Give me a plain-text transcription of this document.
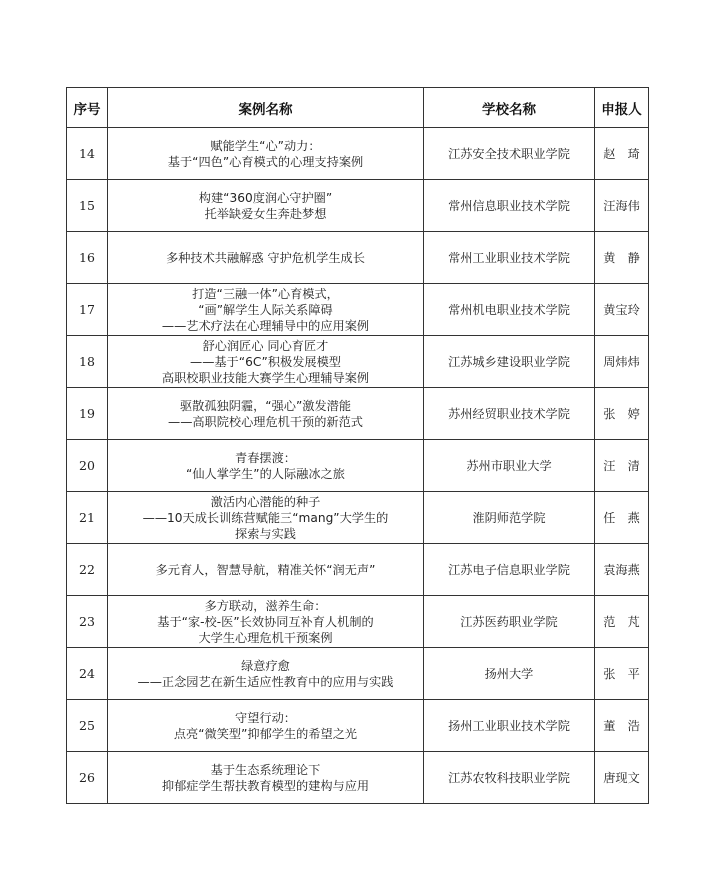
序号	案例名称	学校名称	申报人
14	赋能学生“心”动力：
基于“四色”心育模式的心理支持案例	江苏安全技术职业学院	赵　琦
15	构建“360度润心守护圈”
托举缺爱女生奔赴梦想	常州信息职业技术学院	汪海伟
16	多种技术共融解惑 守护危机学生成长	常州工业职业技术学院	黄　静
17	打造“三融一体”心育模式，
“画”解学生人际关系障碍
——艺术疗法在心理辅导中的应用案例	常州机电职业技术学院	黄宝玲
18	舒心润匠心 同心育匠才
——基于“6C”积极发展模型
高职校职业技能大赛学生心理辅导案例	江苏城乡建设职业学院	周炜炜
19	驱散孤独阴霾，“强心”激发潜能
——高职院校心理危机干预的新范式	苏州经贸职业技术学院	张　婷
20	青春摆渡：
“仙人掌学生”的人际融冰之旅	苏州市职业大学	汪　清
21	激活内心潜能的种子
——10天成长训练营赋能三“mang”大学生的
探索与实践	淮阴师范学院	任　燕
22	多元育人，智慧导航，精准关怀“润无声”	江苏电子信息职业学院	袁海燕
23	多方联动，滋养生命：
基于“家-校-医”长效协同互补育人机制的
大学生心理危机干预案例	江苏医药职业学院	范　芃
24	绿意疗愈
——正念园艺在新生适应性教育中的应用与实践	扬州大学	张　平
25	守望行动：
点亮“微笑型”抑郁学生的希望之光	扬州工业职业技术学院	董　浩
26	基于生态系统理论下
抑郁症学生帮扶教育模型的建构与应用	江苏农牧科技职业学院	唐现文
